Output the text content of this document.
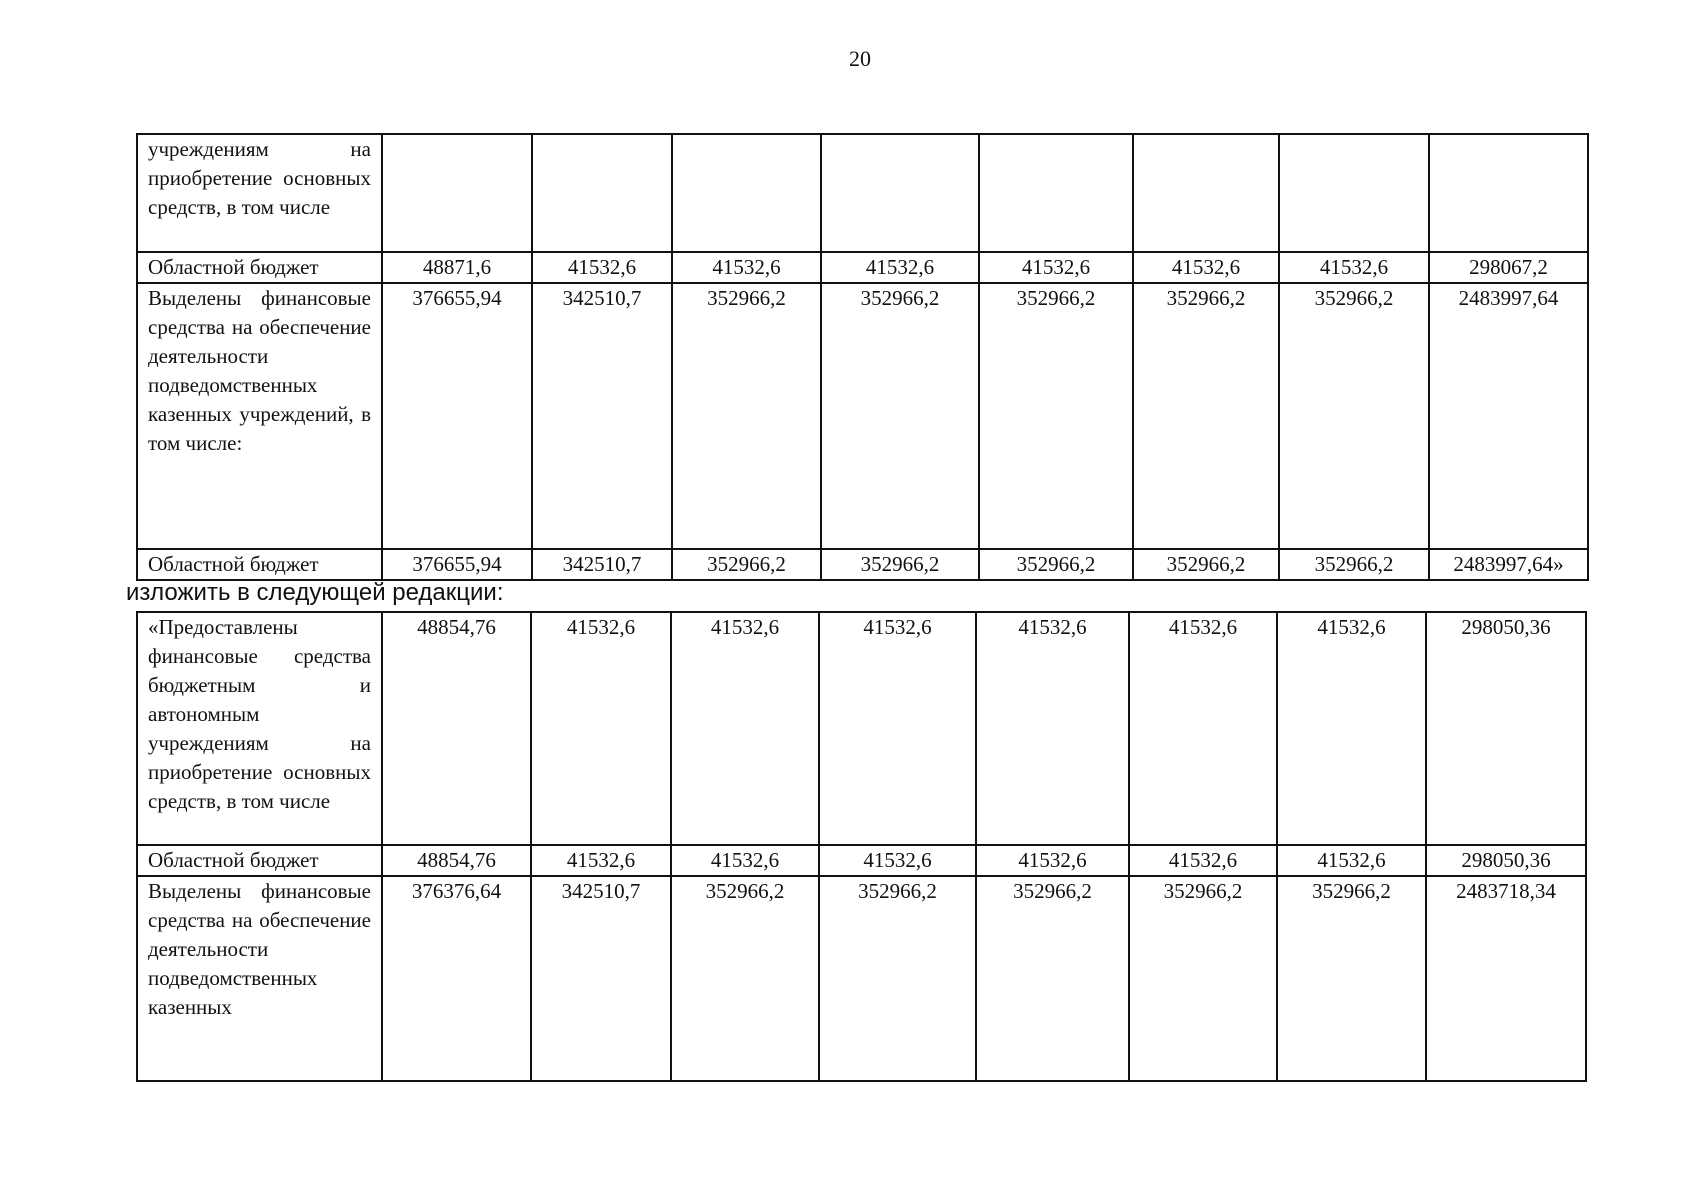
20
учреждениям на приобретение основных средств, в том числе								
Областной бюджет	48871,6	41532,6	41532,6	41532,6	41532,6	41532,6	41532,6	298067,2
Выделены финансовые средства на обеспечение деятельности подведомственных казенных учреждений, в том числе:	376655,94	342510,7	352966,2	352966,2	352966,2	352966,2	352966,2	2483997,64
Областной бюджет	376655,94	342510,7	352966,2	352966,2	352966,2	352966,2	352966,2	2483997,64»
изложить в следующей редакции:
«Предоставлены финансовые средства бюджетным и автономным учреждениям на приобретение основных средств, в том числе	48854,76	41532,6	41532,6	41532,6	41532,6	41532,6	41532,6	298050,36
Областной бюджет	48854,76	41532,6	41532,6	41532,6	41532,6	41532,6	41532,6	298050,36
Выделены финансовые средства на обеспечение деятельности подведомственных казенных	376376,64	342510,7	352966,2	352966,2	352966,2	352966,2	352966,2	2483718,34
